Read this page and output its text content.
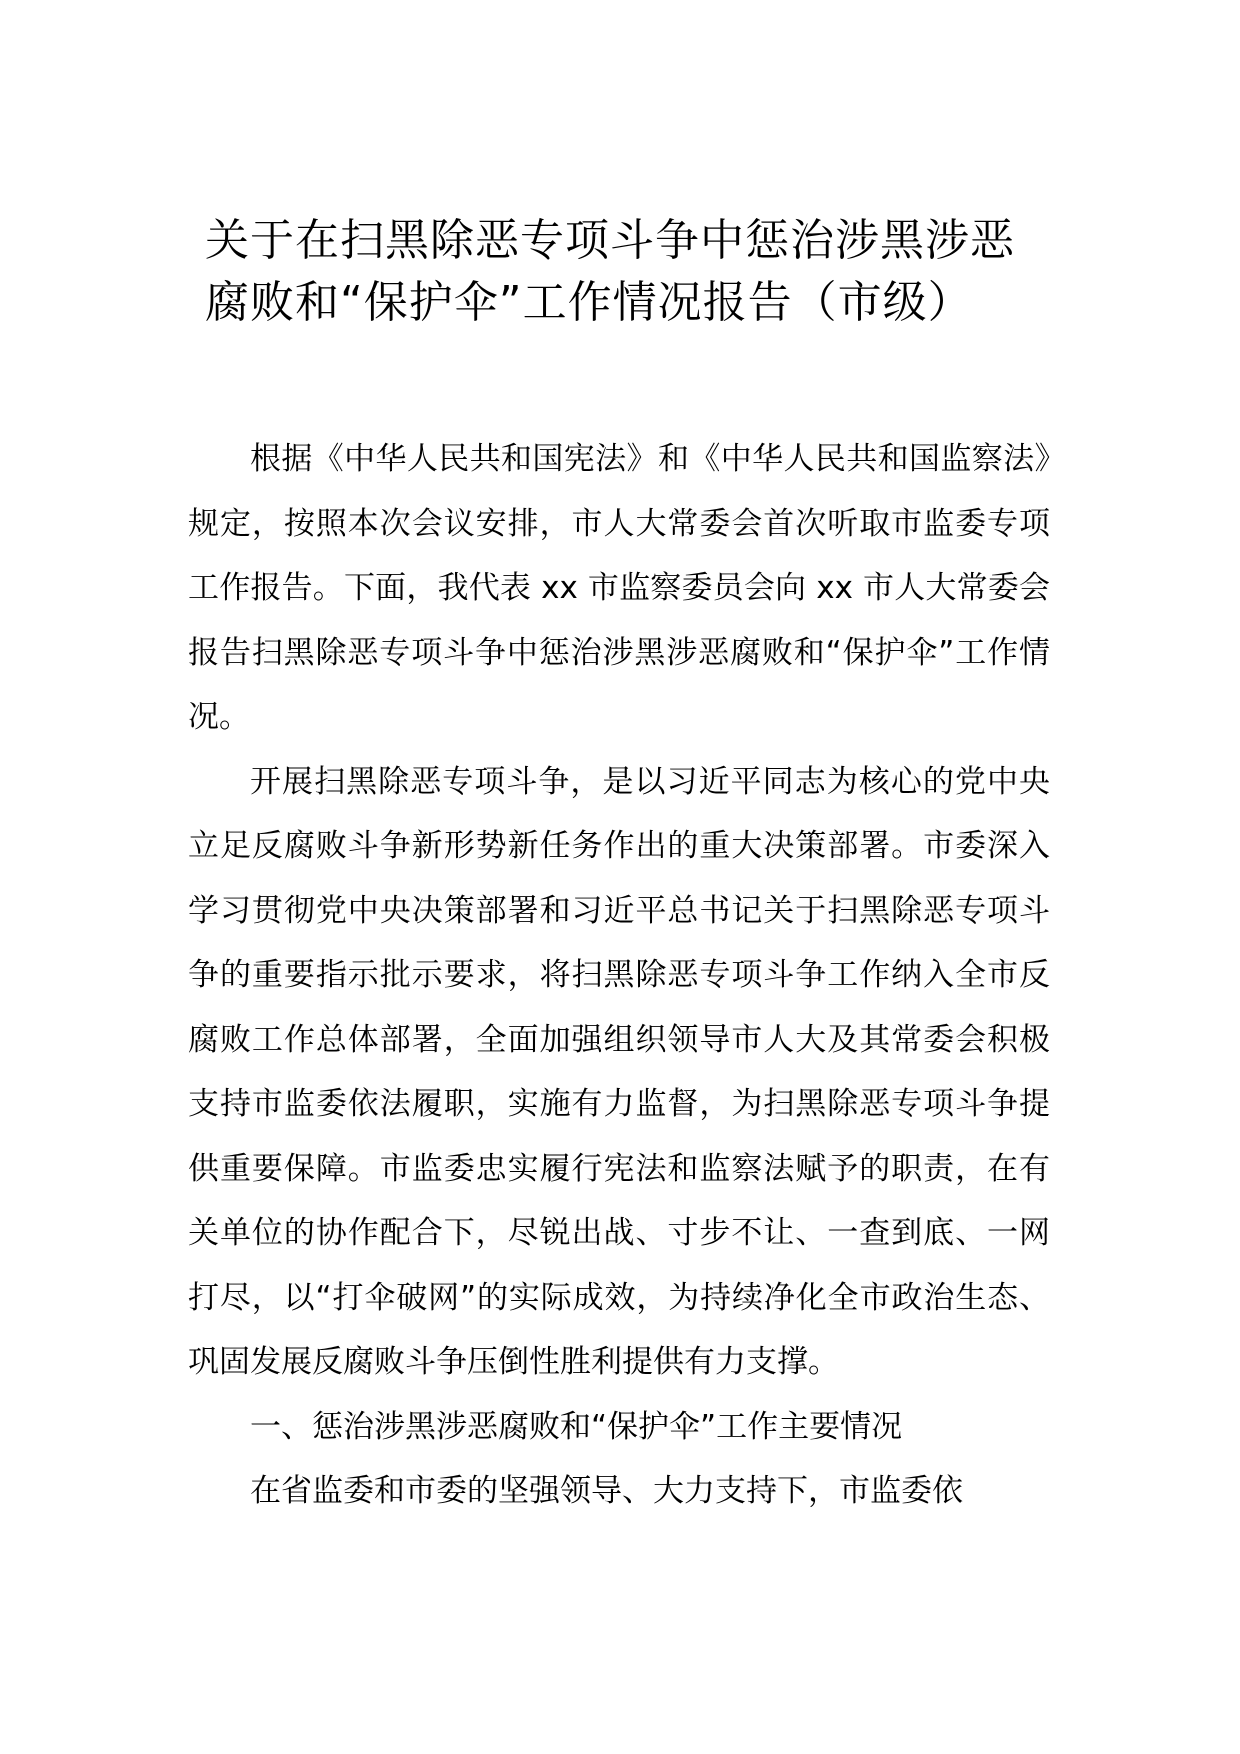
关于在扫黑除恶专项斗争中惩治涉黑涉恶
腐败和“保护伞”工作情况报告（市级）

根据《中华人民共和国宪法》和《中华人民共和国监察法》规定，按照本次会议安排，市人大常委会首次听取市监委专项工作报告。下面，我代表 xx 市监察委员会向 xx 市人大常委会报告扫黑除恶专项斗争中惩治涉黑涉恶腐败和“保护伞”工作情况。

开展扫黑除恶专项斗争，是以习近平同志为核心的党中央立足反腐败斗争新形势新任务作出的重大决策部署。市委深入学习贯彻党中央决策部署和习近平总书记关于扫黑除恶专项斗争的重要指示批示要求，将扫黑除恶专项斗争工作纳入全市反腐败工作总体部署，全面加强组织领导市人大及其常委会积极支持市监委依法履职，实施有力监督，为扫黑除恶专项斗争提供重要保障。市监委忠实履行宪法和监察法赋予的职责，在有关单位的协作配合下，尽锐出战、寸步不让、一查到底、一网打尽，以“打伞破网”的实际成效，为持续净化全市政治生态、巩固发展反腐败斗争压倒性胜利提供有力支撑。

一、惩治涉黑涉恶腐败和“保护伞”工作主要情况

在省监委和市委的坚强领导、大力支持下，市监委依
